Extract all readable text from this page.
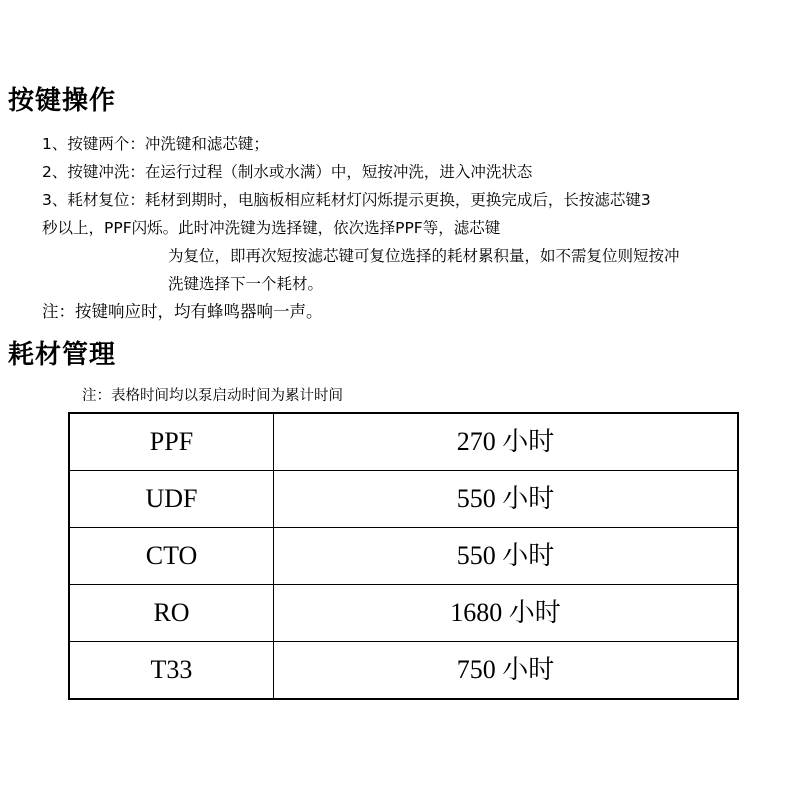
按键操作
1、按键两个：冲洗键和滤芯键；
2、按键冲洗：在运行过程（制水或水满）中，短按冲洗，进入冲洗状态
3、耗材复位：耗材到期时，电脑板相应耗材灯闪烁提示更换，更换完成后，长按滤芯键3
秒以上，PPF闪烁。此时冲洗键为选择键，依次选择PPF等，滤芯键
为复位，即再次短按滤芯键可复位选择的耗材累积量，如不需复位则短按冲
洗键选择下一个耗材。
注：按键响应时，均有蜂鸣器响一声。
耗材管理
注：表格时间均以泵启动时间为累计时间
PPF	270 小时
UDF	550 小时
CTO	550 小时
RO	1680 小时
T33	750 小时
